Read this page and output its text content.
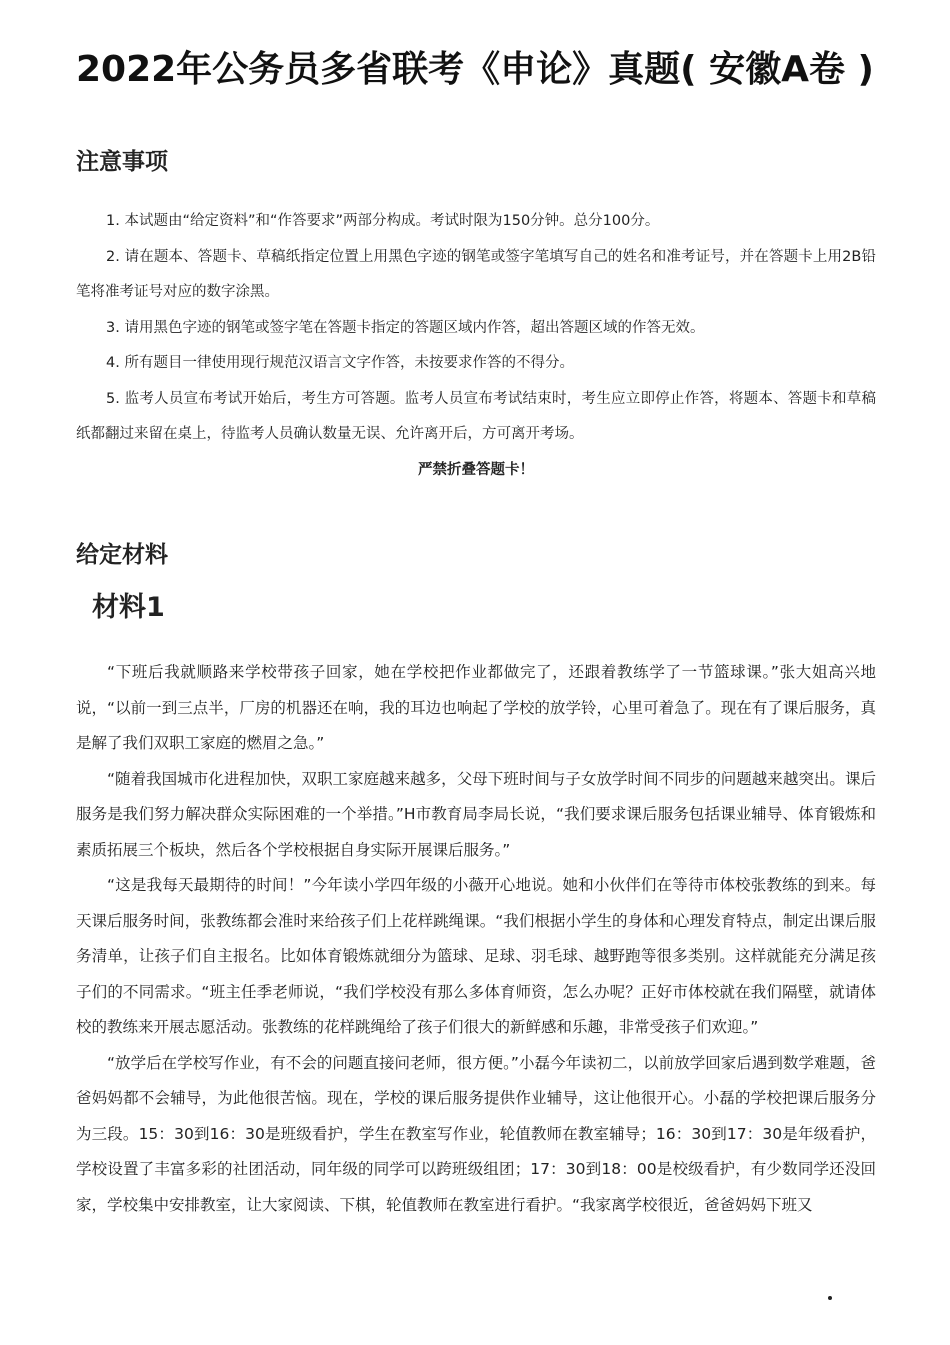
2022年公务员多省联考《申论》真题( 安徽A卷 )
注意事项

1. 本试题由“给定资料”和“作答要求”两部分构成。考试时限为150分钟。总分100分。

2. 请在题本、答题卡、草稿纸指定位置上用黑色字迹的钢笔或签字笔填写自己的姓名和准考证号，并在答题卡上用2B铅笔将准考证号对应的数字涂黑。

3. 请用黑色字迹的钢笔或签字笔在答题卡指定的答题区域内作答，超出答题区域的作答无效。

4. 所有题目一律使用现行规范汉语言文字作答，未按要求作答的不得分。

5. 监考人员宣布考试开始后，考生方可答题。监考人员宣布考试结束时，考生应立即停止作答，将题本、答题卡和草稿纸都翻过来留在桌上，待监考人员确认数量无误、允许离开后，方可离开考场。

严禁折叠答题卡！

给定材料
材料1

“下班后我就顺路来学校带孩子回家，她在学校把作业都做完了，还跟着教练学了一节篮球课。”张大姐高兴地说，“以前一到三点半，厂房的机器还在响，我的耳边也响起了学校的放学铃，心里可着急了。现在有了课后服务，真是解了我们双职工家庭的燃眉之急。”

“随着我国城市化进程加快，双职工家庭越来越多，父母下班时间与子女放学时间不同步的问题越来越突出。课后服务是我们努力解决群众实际困难的一个举措。”H市教育局李局长说，“我们要求课后服务包括课业辅导、体育锻炼和素质拓展三个板块，然后各个学校根据自身实际开展课后服务。”

“这是我每天最期待的时间！”今年读小学四年级的小薇开心地说。她和小伙伴们在等待市体校张教练的到来。每天课后服务时间，张教练都会准时来给孩子们上花样跳绳课。“我们根据小学生的身体和心理发育特点，制定出课后服务清单，让孩子们自主报名。比如体育锻炼就细分为篮球、足球、羽毛球、越野跑等很多类别。这样就能充分满足孩子们的不同需求。“班主任季老师说，“我们学校没有那么多体育师资，怎么办呢？正好市体校就在我们隔壁，就请体校的教练来开展志愿活动。张教练的花样跳绳给了孩子们很大的新鲜感和乐趣，非常受孩子们欢迎。”

“放学后在学校写作业，有不会的问题直接问老师，很方便。”小磊今年读初二，以前放学回家后遇到数学难题，爸爸妈妈都不会辅导，为此他很苦恼。现在，学校的课后服务提供作业辅导，这让他很开心。小磊的学校把课后服务分为三段。15：30到16：30是班级看护，学生在教室写作业，轮值教师在教室辅导；16：30到17：30是年级看护，学校设置了丰富多彩的社团活动，同年级的同学可以跨班级组团；17：30到18：00是校级看护，有少数同学还没回家，学校集中安排教室，让大家阅读、下棋，轮值教师在教室进行看护。“我家离学校很近，爸爸妈妈下班又
